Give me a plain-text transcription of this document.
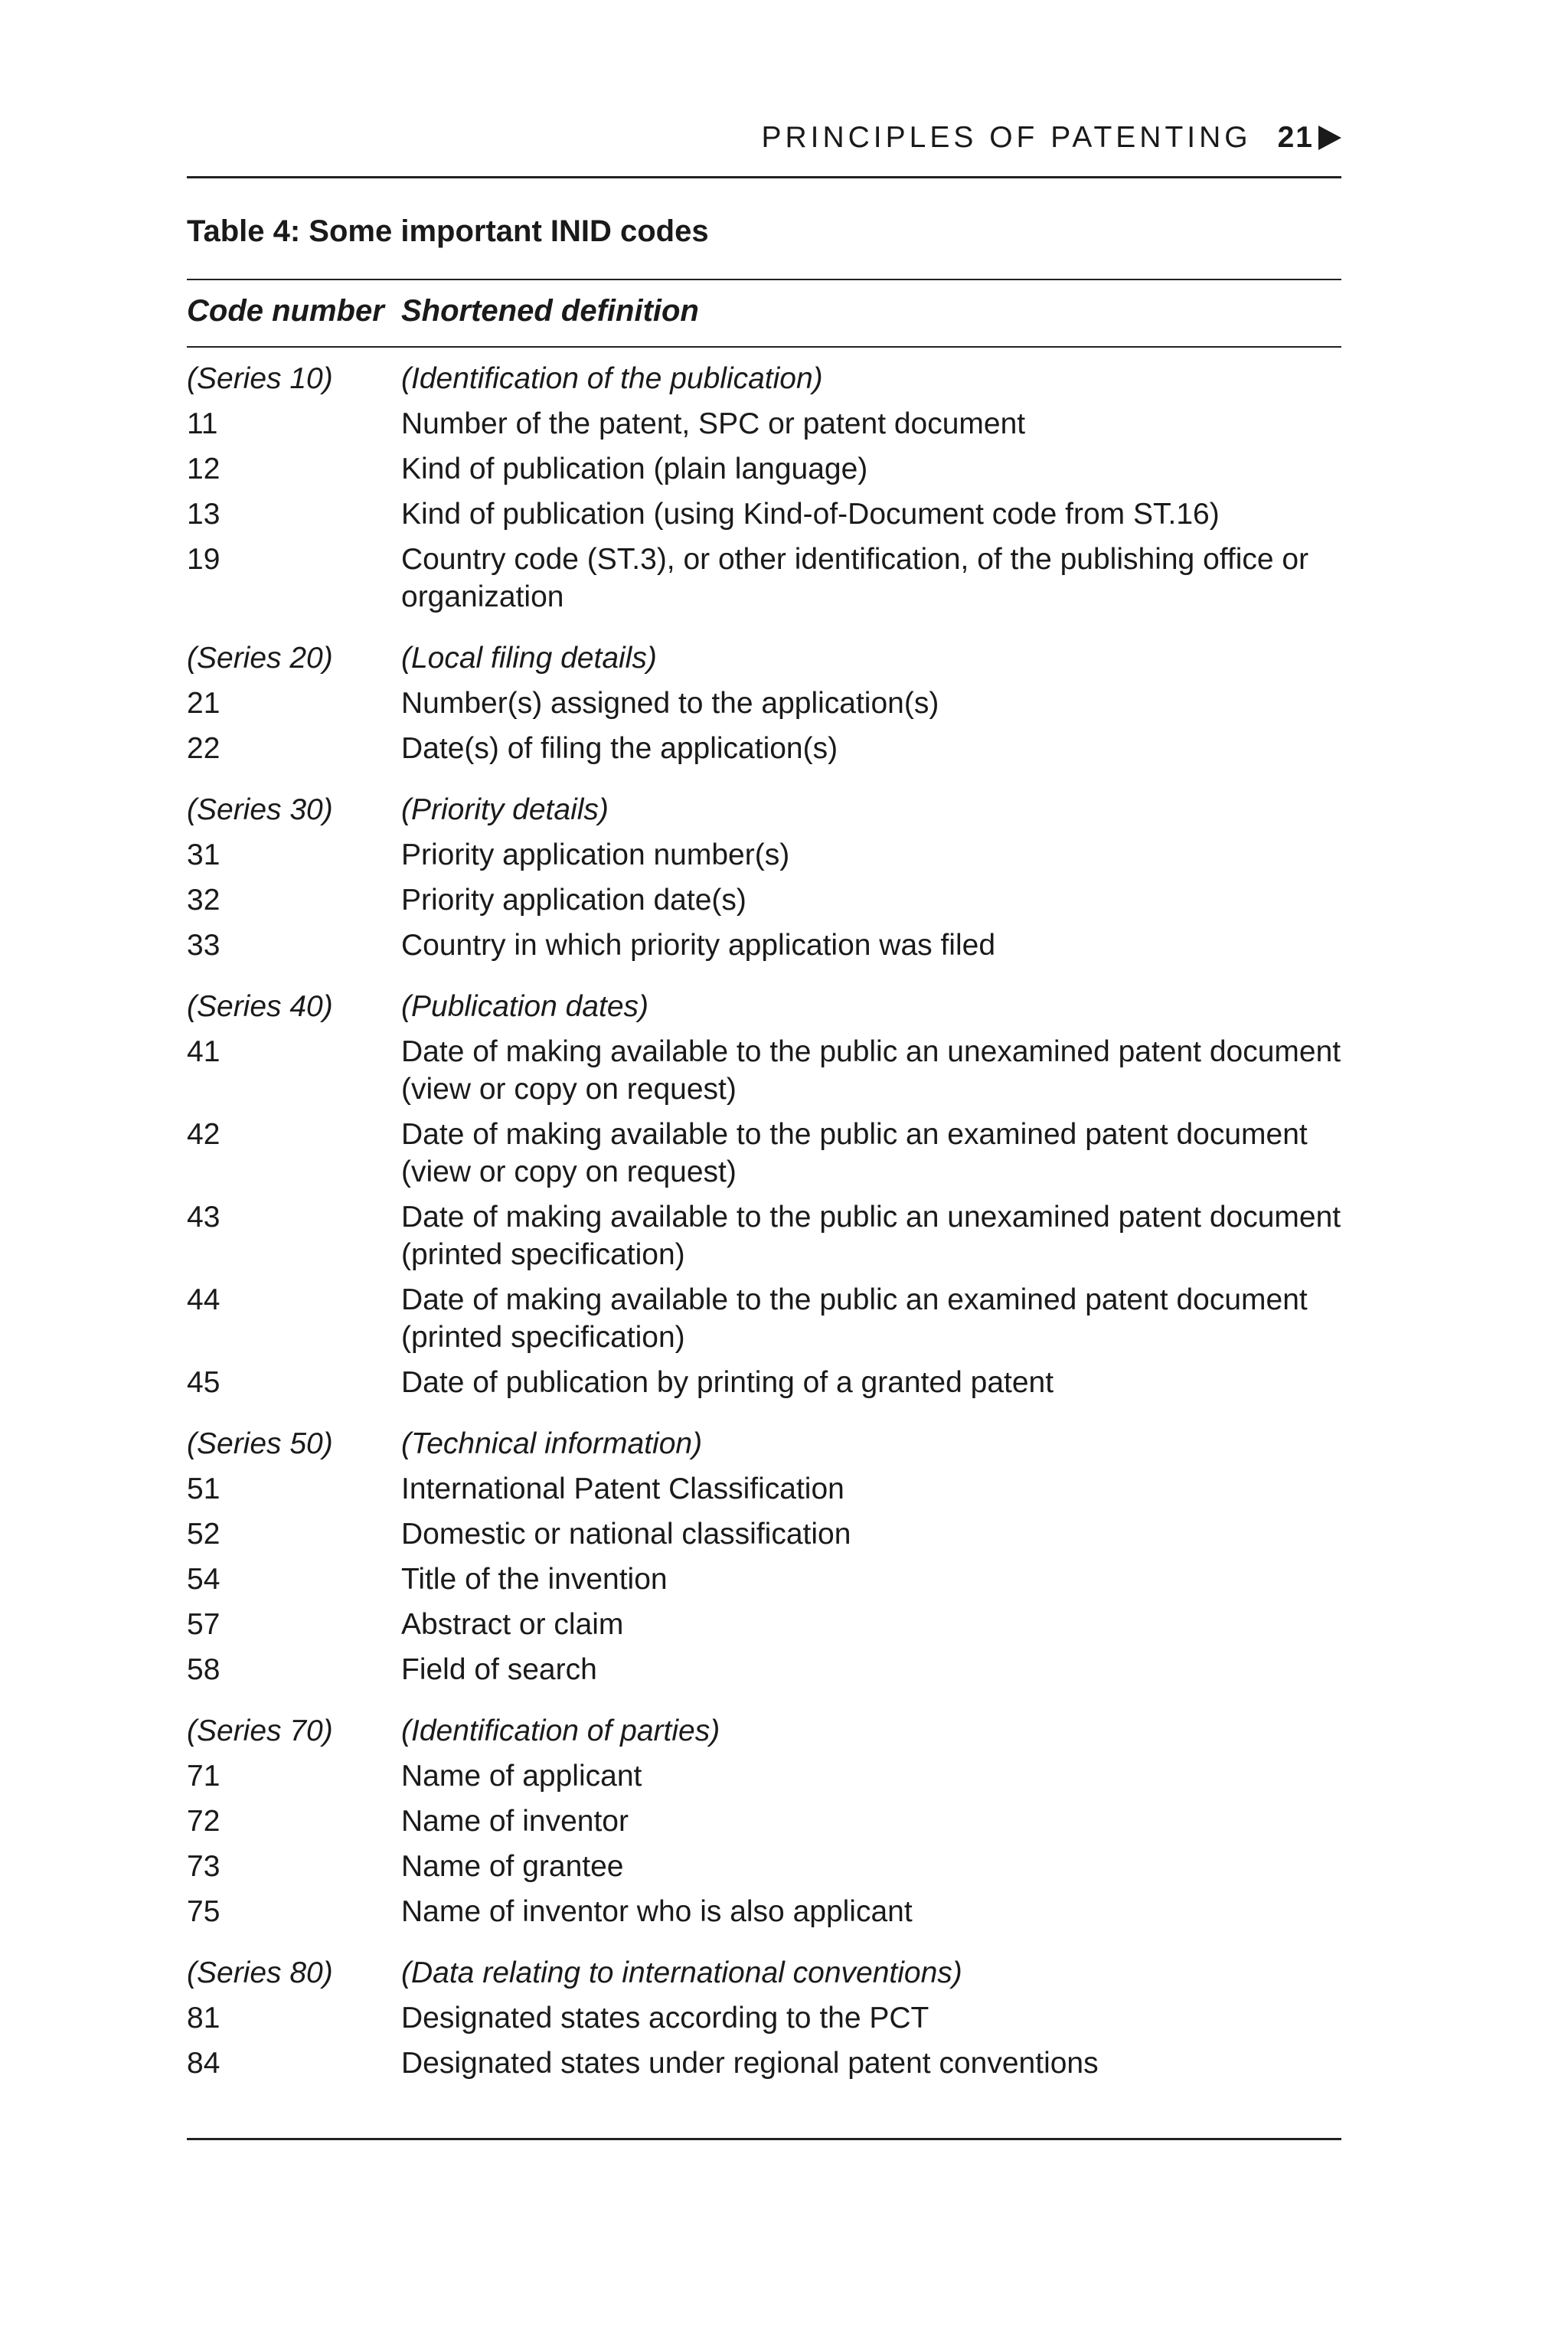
PRINCIPLES OF PATENTING 21
Table 4: Some important INID codes
Code number Shortened definition
(Series 10)	(Identification of the publication)
11	Number of the patent, SPC or patent document
12	Kind of publication (plain language)
13	Kind of publication (using Kind-of-Document code from ST.16)
19	Country code (ST.3), or other identification, of the publishing office or organization
(Series 20)	(Local filing details)
21	Number(s) assigned to the application(s)
22	Date(s) of filing the application(s)
(Series 30)	(Priority details)
31	Priority application number(s)
32	Priority application date(s)
33	Country in which priority application was filed
(Series 40)	(Publication dates)
41	Date of making available to the public an unexamined patent document (view or copy on request)
42	Date of making available to the public an examined patent document (view or copy on request)
43	Date of making available to the public an unexamined patent document (printed specification)
44	Date of making available to the public an examined patent document (printed specification)
45	Date of publication by printing of a granted patent
(Series 50)	(Technical information)
51	International Patent Classification
52	Domestic or national classification
54	Title of the invention
57	Abstract or claim
58	Field of search
(Series 70)	(Identification of parties)
71	Name of applicant
72	Name of inventor
73	Name of grantee
75	Name of inventor who is also applicant
(Series 80)	(Data relating to international conventions)
81	Designated states according to the PCT
84	Designated states under regional patent conventions
